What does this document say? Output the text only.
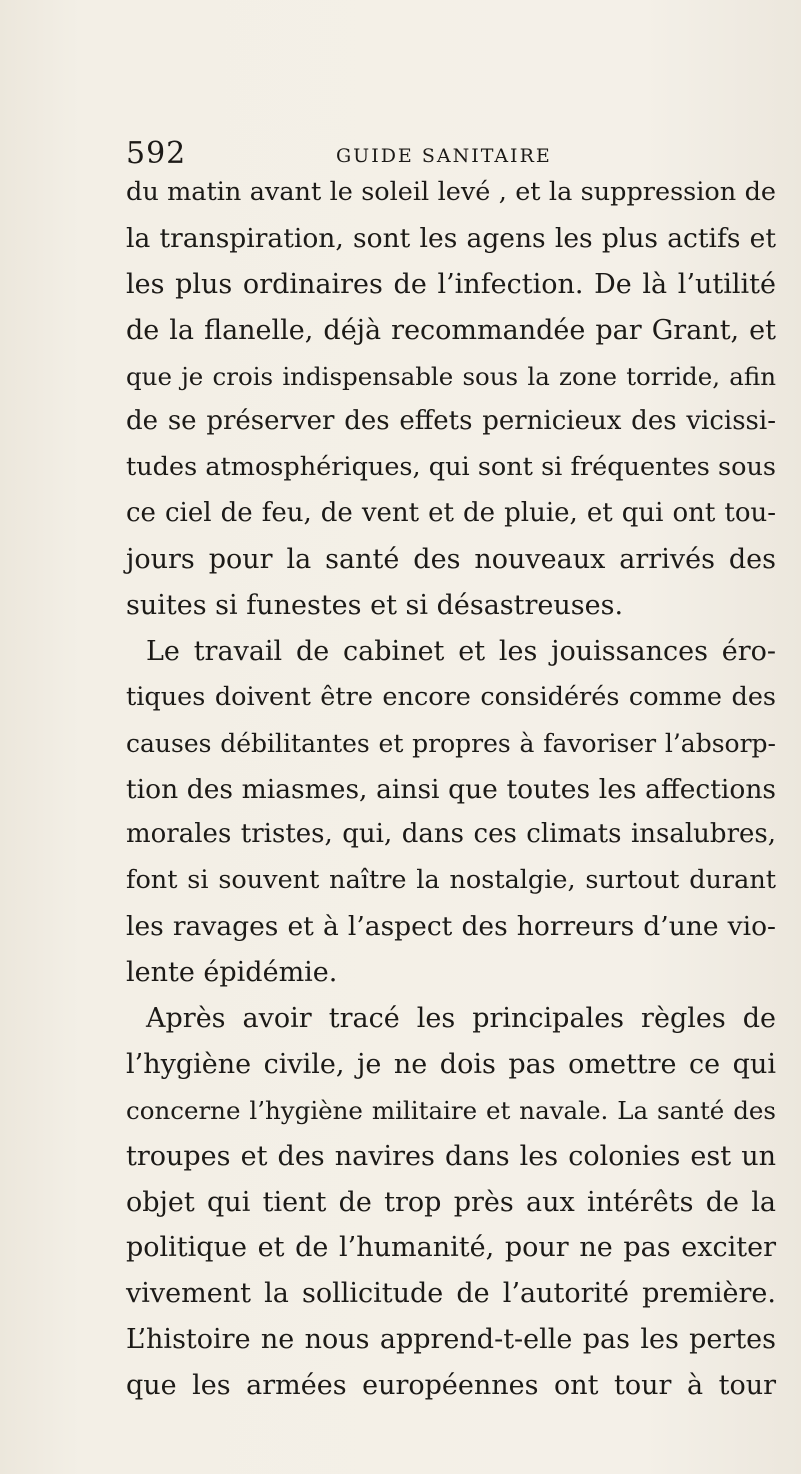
592	GUIDE SANITAIRE
du matin avant le soleil levé , et la suppression de
la transpiration, sont les agens les plus actifs et
les plus ordinaires de l’infection. De là l’utilité
de la flanelle, déjà recommandée par Grant, et
que je crois indispensable sous la zone torride, afin
de se préserver des effets pernicieux des vicissi-
tudes atmosphériques, qui sont si fréquentes sous
ce ciel de feu, de vent et de pluie, et qui ont tou-
jours pour la santé des nouveaux arrivés des
suites si funestes et si désastreuses.
Le travail de cabinet et les jouissances éro-
tiques doivent être encore considérés comme des
causes débilitantes et propres à favoriser l’absorp-
tion des miasmes, ainsi que toutes les affections
morales tristes, qui, dans ces climats insalubres,
font si souvent naître la nostalgie, surtout durant
les ravages et à l’aspect des horreurs d’une vio-
lente épidémie.
Après avoir tracé les principales règles de
l’hygiène civile, je ne dois pas omettre ce qui
concerne l’hygiène militaire et navale. La santé des
troupes et des navires dans les colonies est un
objet qui tient de trop près aux intérêts de la
politique et de l’humanité, pour ne pas exciter
vivement la sollicitude de l’autorité première.
L’histoire ne nous apprend-t-elle pas les pertes
que les armées européennes ont tour à tour
